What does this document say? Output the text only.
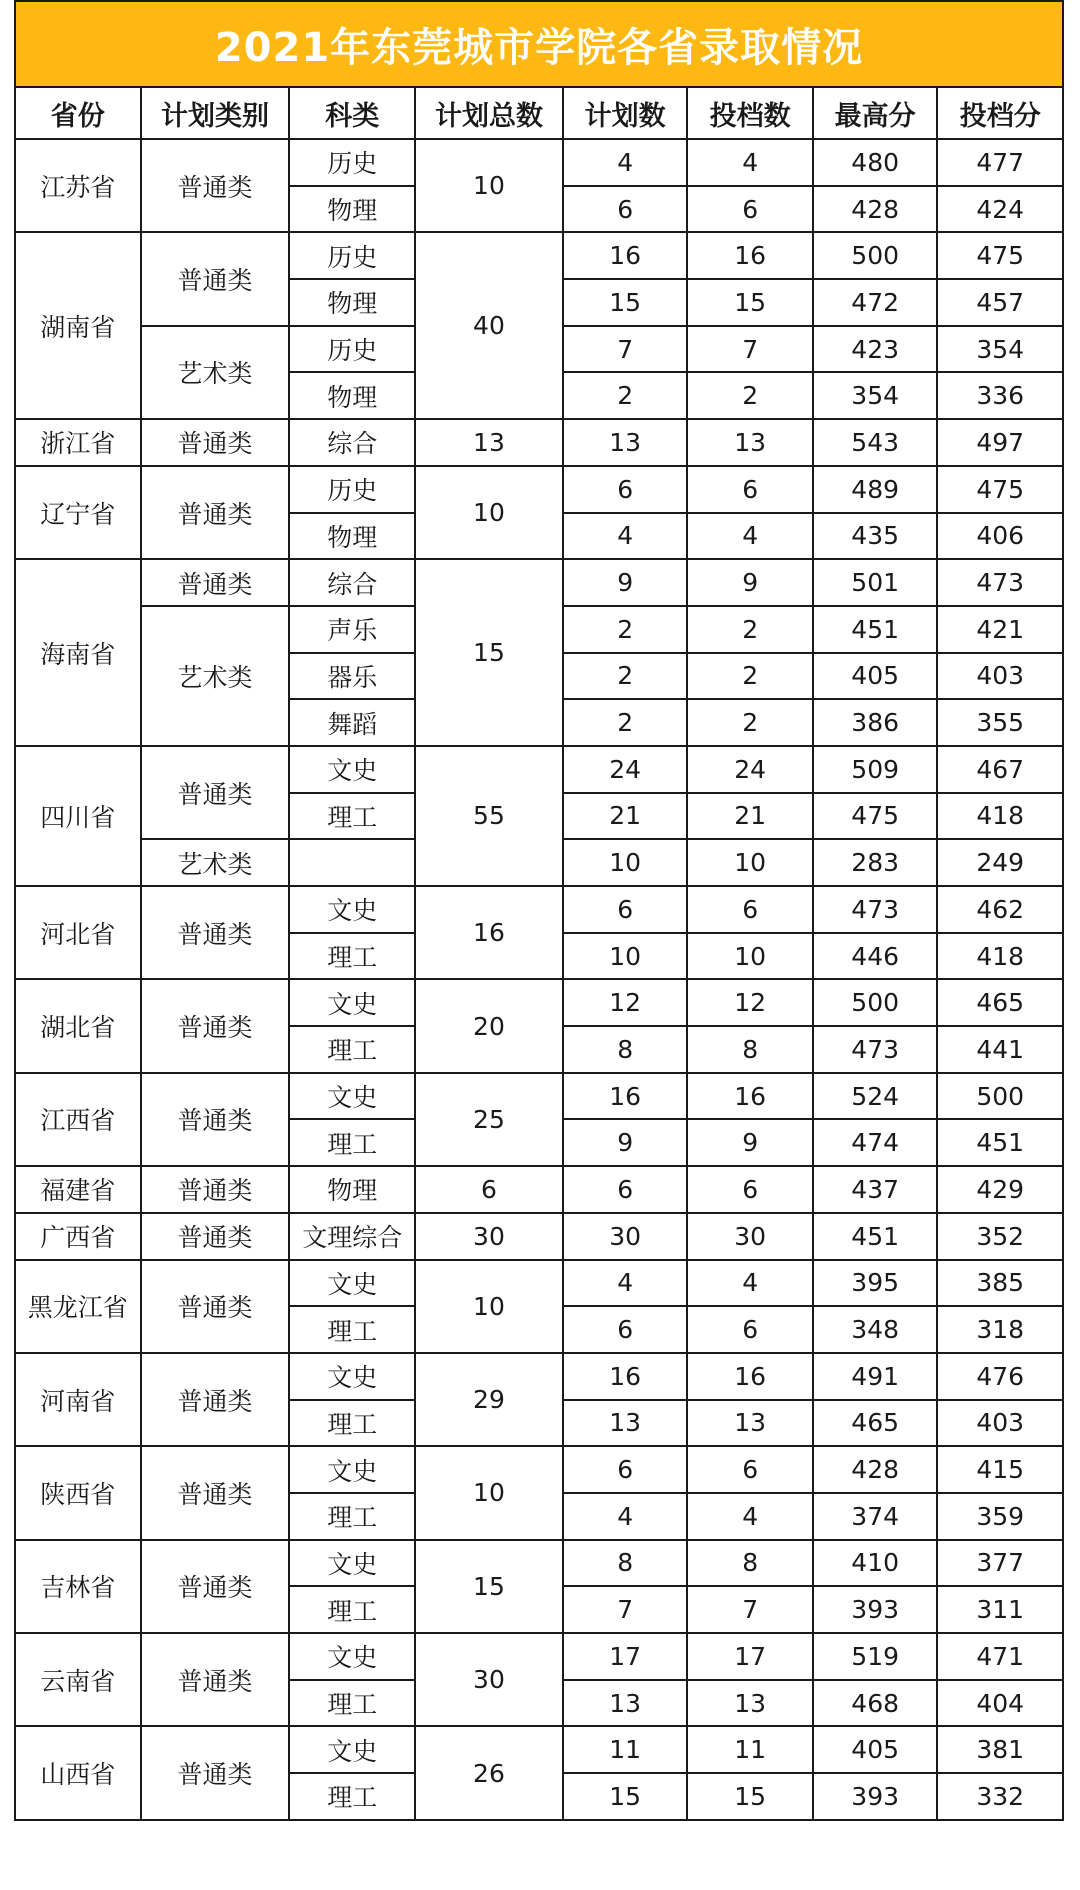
2021年东莞城市学院各省录取情况
省份	计划类别	科类	计划总数	计划数	投档数	最高分	投档分
江苏省	普通类	历史	10	4	4	480	477
		物理		6	6	428	424
湖南省	普通类	历史	40	16	16	500	475
		物理		15	15	472	457
	艺术类	历史		7	7	423	354
		物理		2	2	354	336
浙江省	普通类	综合	13	13	13	543	497
辽宁省	普通类	历史	10	6	6	489	475
		物理		4	4	435	406
海南省	普通类	综合	15	9	9	501	473
	艺术类	声乐		2	2	451	421
		器乐		2	2	405	403
		舞蹈		2	2	386	355
四川省	普通类	文史	55	24	24	509	467
		理工		21	21	475	418
	艺术类			10	10	283	249
河北省	普通类	文史	16	6	6	473	462
		理工		10	10	446	418
湖北省	普通类	文史	20	12	12	500	465
		理工		8	8	473	441
江西省	普通类	文史	25	16	16	524	500
		理工		9	9	474	451
福建省	普通类	物理	6	6	6	437	429
广西省	普通类	文理综合	30	30	30	451	352
黑龙江省	普通类	文史	10	4	4	395	385
		理工		6	6	348	318
河南省	普通类	文史	29	16	16	491	476
		理工		13	13	465	403
陕西省	普通类	文史	10	6	6	428	415
		理工		4	4	374	359
吉林省	普通类	文史	15	8	8	410	377
		理工		7	7	393	311
云南省	普通类	文史	30	17	17	519	471
		理工		13	13	468	404
山西省	普通类	文史	26	11	11	405	381
		理工		15	15	393	332
